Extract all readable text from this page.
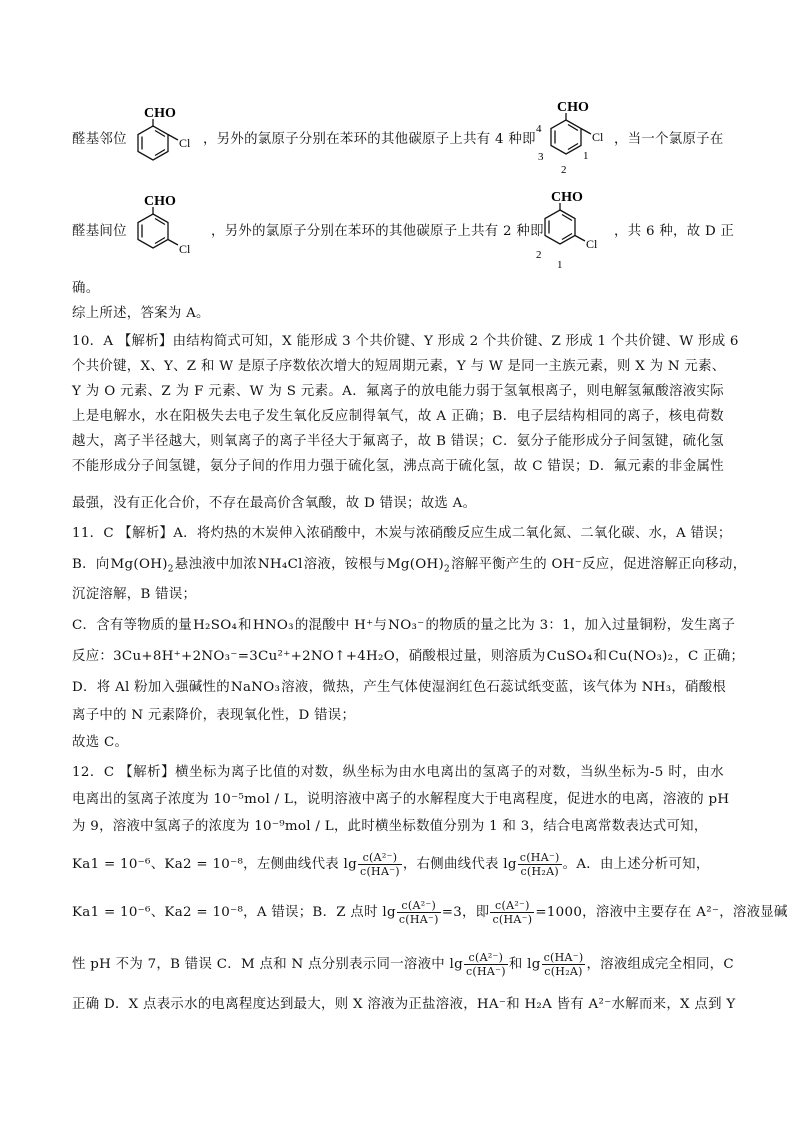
醛基邻位
CHO
Cl ，另外的氯原子分别在苯环的其他碳原子上共有 4 种即
CHO
Cl
4
3
2
1
，当一个氯原子在
醛基间位
CHO
Cl
，另外的氯原子分别在苯环的其他碳原子上共有 2 种即
CHO
Cl
2
1
，共 6 种，故 D 正
确。
综上所述，答案为 A。
10．A 【解析】由结构简式可知，X 能形成 3 个共价键、Y 形成 2 个共价键、Z 形成 1 个共价键、W 形成 6
个共价键，X、Y、Z 和 W 是原子序数依次增大的短周期元素，Y 与 W 是同一主族元素，则 X 为 N 元素、
Y 为 O 元素、Z 为 F 元素、W 为 S 元素。A．氟离子的放电能力弱于氢氧根离子，则电解氢氟酸溶液实际
上是电解水，水在阳极失去电子发生氧化反应制得氧气，故 A 正确；B．电子层结构相同的离子，核电荷数
越大，离子半径越大，则氧离子的离子半径大于氟离子，故 B 错误；C．氨分子能形成分子间氢键，硫化氢
不能形成分子间氢键，氨分子间的作用力强于硫化氢，沸点高于硫化氢，故 C 错误；D．氟元素的非金属性
最强，没有正化合价，不存在最高价含氧酸，故 D 错误；故选 A。
11．C 【解析】A．将灼热的木炭伸入浓硝酸中，木炭与浓硝酸反应生成二氧化氮、二氧化碳、水，A 错误；
B．向$Mg(OH)_2$悬浊液中加浓NH₄Cl溶液，铵根与$Mg(OH)_2$溶解平衡产生的 OH⁻反应，促进溶解正向移动，
沉淀溶解，B 错误；
C．含有等物质的量H₂SO₄和HNO₃的混酸中 H⁺与NO₃⁻的物质的量之比为 3：1，加入过量铜粉，发生离子
反应：3Cu+8H⁺+2NO₃⁻=3Cu²⁺+2NO↑+4H₂O，硝酸根过量，则溶质为CuSO₄和Cu(NO₃)₂，C 正确；
D．将 Al 粉加入强碱性的NaNO₃溶液，微热，产生气体使湿润红色石蕊试纸变蓝，该气体为 NH₃，硝酸根
离子中的 N 元素降价，表现氧化性，D 错误；
故选 C。
12．C 【解析】横坐标为离子比值的对数，纵坐标为由水电离出的氢离子的对数，当纵坐标为-5 时，由水
电离出的氢离子浓度为 10⁻⁵mol / L，说明溶液中离子的水解程度大于电离程度，促进水的电离，溶液的 pH
为 9，溶液中氢离子的浓度为 10⁻⁹mol / L，此时横坐标数值分别为 1 和 3，结合电离常数表达式可知，
Ka1 = 10⁻⁶、Ka2 = 10⁻⁸，左侧曲线代表 $\lg \frac{\text{c(A²⁻)}}{c(HA^-)}$ ，右侧曲线代表 $\lg \frac{c(HA^-)}{\text{c(H₂A)}}$ 。A．由上述分析可知，
Ka1 = 10⁻⁶、Ka2 = 10⁻⁸，A 错误；B．Z 点时 $\lg \frac{\text{c(A²⁻)}}{c(HA^-)} =3$，即 $\frac{\text{c(A²⁻)}}{c(HA^-)} =1000$，溶液中主要存在 A²⁻，溶液显碱
性 pH 不为 7，B 错误 C．M 点和 N 点分别表示同一溶液中 $\lg \frac{\text{c(A²⁻)}}{c(HA^-)}$ 和 $\lg \frac{c(HA^-)}{\text{c(H₂A)}}$ ，溶液组成完全相同，C
正确 D．X 点表示水的电离程度达到最大，则 X 溶液为正盐溶液，HA⁻和 H₂A 皆有 A²⁻水解而来，X 点到 Y
